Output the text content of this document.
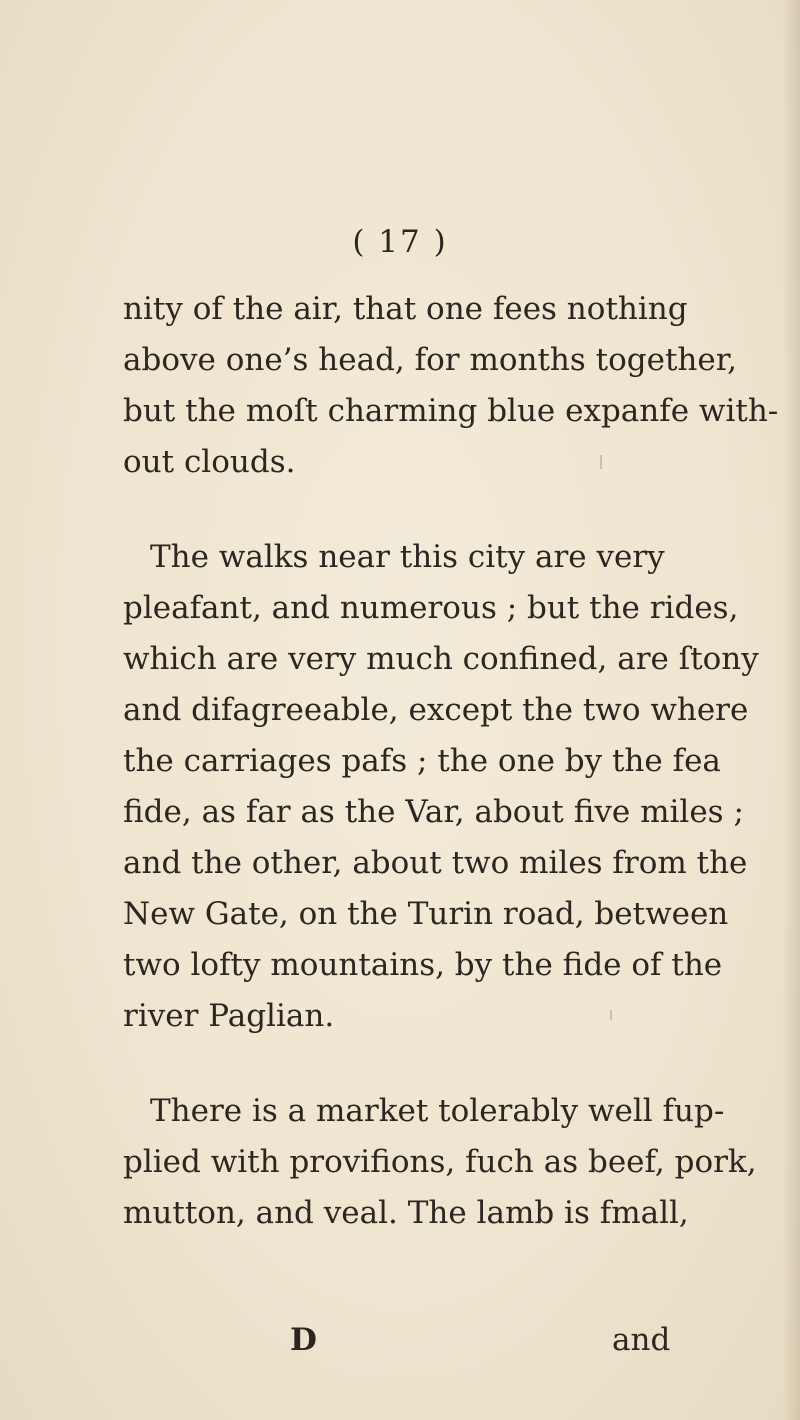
( 17 )
nity of the air, that one fees nothing
above one’s head, for months together,
but the moſt charming blue expanfe with-
out clouds.
The walks near this city are very
pleafant, and numerous ; but the rides,
which are very much confined, are ſtony
and difagreeable, except the two where
the carriages pafs ; the one by the fea
fide, as far as the Var, about five miles ;
and the other, about two miles from the
New Gate, on the Turin road, between
two lofty mountains, by the fide of the
river Paglian.
There is a market tolerably well fup-
plied with provifions, fuch as beef, pork,
mutton, and veal. The lamb is fmall,
D	and
